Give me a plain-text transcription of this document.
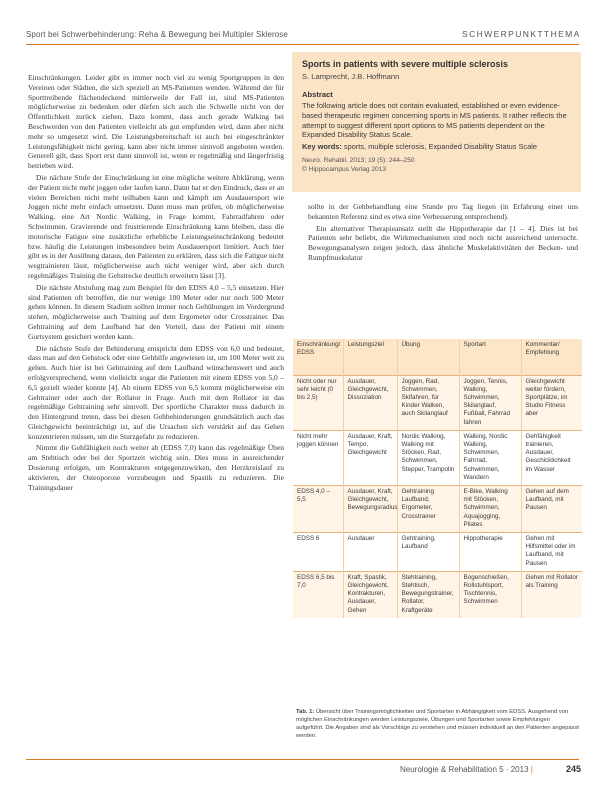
Sport bei Schwerbehinderung: Reha & Bewegung bei Multipler Sklerose	SCHWERPUNKTTHEMA
Sports in patients with severe multiple sclerosis
S. Lamprecht, J.B. Hoffmann
Abstract
The following article does not contain evaluated, established or even evidence-based therapeutic regimen concerning sports in MS patients. It rather reflects the attempt to suggest different sport options to MS patients dependent on the Expanded Disability Status Scale.
Key words: sports, multiple sclerosis, Expanded Disability Status Scale
Neuro. Rehabil. 2013; 19 (5): 244–250
© Hippocampus Verlag 2013

Einschränkungen. Leider gibt es immer noch viel zu wenig Sportgruppen in den Vereinen oder Städten, die sich speziell an MS-Patienten wenden. Während der für Sporttreibende flächendeckend mittlerweile der Fall ist, sind MS-Patienten möglicherweise zu bedenken oder dürfen sich auch die Schwelle nicht von der Öffentlichkeit zurück ziehen. Dazu kommt, dass auch gerade Walking bei Beschwerden von den Patienten vielleicht als gut empfunden wird, dann aber nicht mehr so umgesetzt wird. Die Leistungsbereitschaft ist auch bei eingeschränkter Leistungsfähigkeit nicht gering, kann aber nicht immer sinnvoll angeboten werden. Generell gilt, dass Sport erst dann sinnvoll ist, wenn er regelmäßig und längerfristig betrieben wird.

Die nächste Stufe der Einschränkung ist eine mögliche weitere Abklärung, wenn der Patient nicht mehr joggen oder laufen kann. Dann hat er den Eindruck, dass er an vielen Bereichen nicht mehr teilhaben kann und kämpft um Ausdauersport wie Joggen nicht mehr einfach umsetzen. Dann muss man prüfen, ob möglicherweise Walking, eine Art Nordic Walking, in Frage kommt, Fahrradfahren oder Schwimmen. Gravierende und frustrierende Einschränkung kann bleiben, dass die motorische Fatigue eine zusätzliche erhebliche Leistungseinschränkung bedeutet bzw. häufig die Leistungen insbesondere beim Ausdauersport limitiert. Auch hier gibt es in der Ausübung daraus, den Patienten zu erklären, dass sich die Fatigue nicht wegtrainieren lässt, möglicherweise auch nicht weniger wird, aber sich durch regelmäßiges Training die Gehstrecke deutlich erweitern lässt [3].

Die nächste Abstufung mag zum Beispiel für den EDSS 4,0 – 5,5 einsetzen. Hier sind Patienten oft betroffen, die nur wenige 100 Meter oder nur noch 500 Meter gehen können. In diesem Stadium sollten immer noch Gehübungen im Vordergrund stehen, möglicherweise auch Training auf dem Ergometer oder Crosstrainer. Das Gehtraining auf dem Laufband hat den Vorteil, dass der Patient mit einem Gurtsystem gesichert werden kann.

Die nächste Stufe der Behinderung entspricht dem EDSS von 6,0 und bedeutet, dass man auf den Gehstock oder eine Gehhilfe angewiesen ist, um 100 Meter weit zu gehen. Auch hier ist bei Gehtraining auf dem Laufband wünschenswert und auch erfolgversprechend, wenn vielleicht sogar die Patienten mit einem EDSS von 5,0 – 6,5 gezielt wieder konnte [4]. Ab einem EDSS von 6,5 kommt möglicherweise ein Gehtrainer oder auch der Rollator in Frage. Auch mit dem Rollator ist das regelmäßige Gehtraining sehr sinnvoll. Der sportliche Charakter muss dadurch in den Hintergrund treten, dass bei diesen Gehbehinderungen grundsätzlich auch das Gleichgewicht beeinträchtigt ist, auf die Ursachen sich verstärkt auf das Gehen konzentrieren müssen, um die Sturzgefahr zu reduzieren.

Nimmt die Gehfähigkeit noch weiter ab (EDSS 7,0) kann das regelmäßige Üben am Stehtisch oder bei der Sportzeit wichtig sein. Dies muss in ausreichender Dosierung erfolgen, um Kontrakturen entgegenzuwirken, den Herzkreislauf zu aktivieren, der Osteoporose vorzubeugen und Spastik zu reduzieren. Die Trainingsdauer

sollte in der Gehbehandlung eine Stunde pro Tag liegen (in Erfahrung einer uns bekannten Referenz sind es etwa eine Verbesserung entsprechend).

Ein alternativer Therapieansatz stellt die Hippotherapie dar [1 – 4]. Dies ist bei Patienten sehr beliebt, die Wirkmechanismen sind noch nicht ausreichend untersucht. Bewegungsanalysen zeigen jedoch, dass ähnliche Muskelaktivitäten der Becken- und Rumpfmuskulatur

Einschränkung/ EDSS	Leistungsziel	Übung	Sportart	Kommentar/ Empfehlung
Nicht oder nur sehr leicht (0 bis 2,5)	Ausdauer, Gleichgewicht, Dissoziation	Joggen, Rad, Schwimmen, Skifahren, für Kinder Walken, auch Skilanglauf	Joggen, Tennis, Walking, Schwimmen, Skilanglauf, Fußball, Fahrrad fahren	Gleichgewicht weiter fördern, Sportplätze, im Studio Fitness aber
Nicht mehr joggen können	Ausdauer, Kraft, Tempo, Gleichgewicht	Nordic Walking, Walking mit Stöcken, Rad, Schwimmen, Stepper, Trampolin	Walking, Nordic Walking, Schwimmen, Fahrrad, Schwimmen, Wandern	Gehfähigkeit trainieren, Ausdauer, Geschicklichkeit im Wasser
EDSS 4,0 – 5,5	Ausdauer, Kraft, Gleichgewicht, Bewegungsradius	Gehtraining Laufband, Ergometer, Crosstrainer	E-Bike, Walking mit Stöcken, Schwimmen, Aquajogging, Pilates	Gehen auf dem Laufband, mit Pausen
EDSS 6	Ausdauer	Gehtraining, Laufband	Hippotherapie	Gehen mit Hilfsmittel oder im Laufband, mit Pausen
EDSS 6,5 bis 7,0	Kraft, Spastik, Gleichgewicht, Kontrakturen, Ausdauer, Gehen	Stehtraining, Stehtisch, Bewegungstrainer, Rollator, Kraftgeräte	Bogenschießen, Rollstuhlsport, Tischtennis, Schwimmen	Gehen mit Rollator als Training
Tab. 1: Übersicht über Trainingsmöglichkeiten und Sportarten in Abhängigkeit vom EDSS. Ausgehend von möglichen Einschränkungen werden Leistungsziele, Übungen und Sportarten sowie Empfehlungen aufgeführt. Die Angaben sind als Vorschläge zu verstehen und müssen individuell an den Patienten angepasst werden.
Neurologie & Rehabilitation 5 · 2013 |	245
